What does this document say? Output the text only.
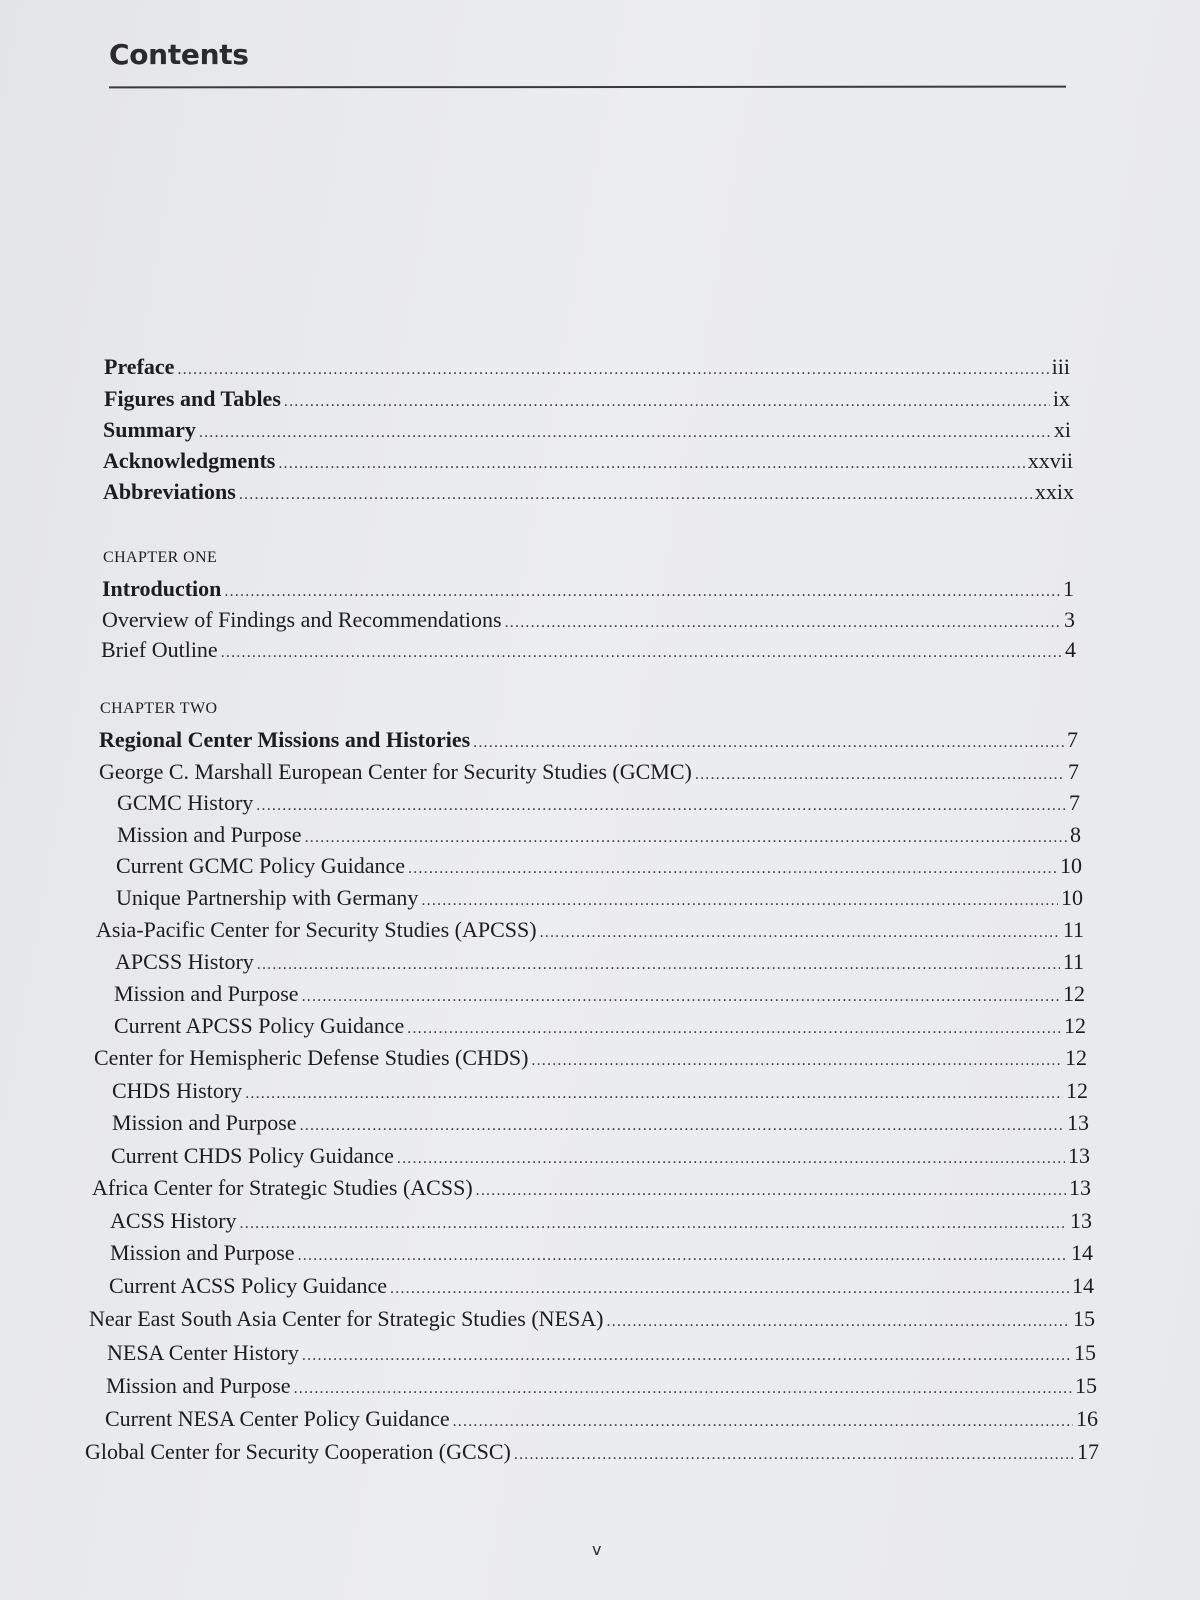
Contents
Preface .....	iii
Figures and Tables .....	ix
Summary .....	xi
Acknowledgments .....	xxvii
Abbreviations .....	xxix
CHAPTER ONE
Introduction .....	1
Overview of Findings and Recommendations .....	3
Brief Outline .....	4
CHAPTER TWO
Regional Center Missions and Histories .....	7
George C. Marshall European Center for Security Studies (GCMC) .....	7
GCMC History .....	7
Mission and Purpose .....	8
Current GCMC Policy Guidance .....	10
Unique Partnership with Germany .....	10
Asia-Pacific Center for Security Studies (APCSS) .....	11
APCSS History .....	11
Mission and Purpose .....	12
Current APCSS Policy Guidance .....	12
Center for Hemispheric Defense Studies (CHDS) .....	12
CHDS History .....	12
Mission and Purpose .....	13
Current CHDS Policy Guidance .....	13
Africa Center for Strategic Studies (ACSS) .....	13
ACSS History .....	13
Mission and Purpose .....	14
Current ACSS Policy Guidance .....	14
Near East South Asia Center for Strategic Studies (NESA) .....	15
NESA Center History .....	15
Mission and Purpose .....	15
Current NESA Center Policy Guidance .....	16
Global Center for Security Cooperation (GCSC) .....	17
v
